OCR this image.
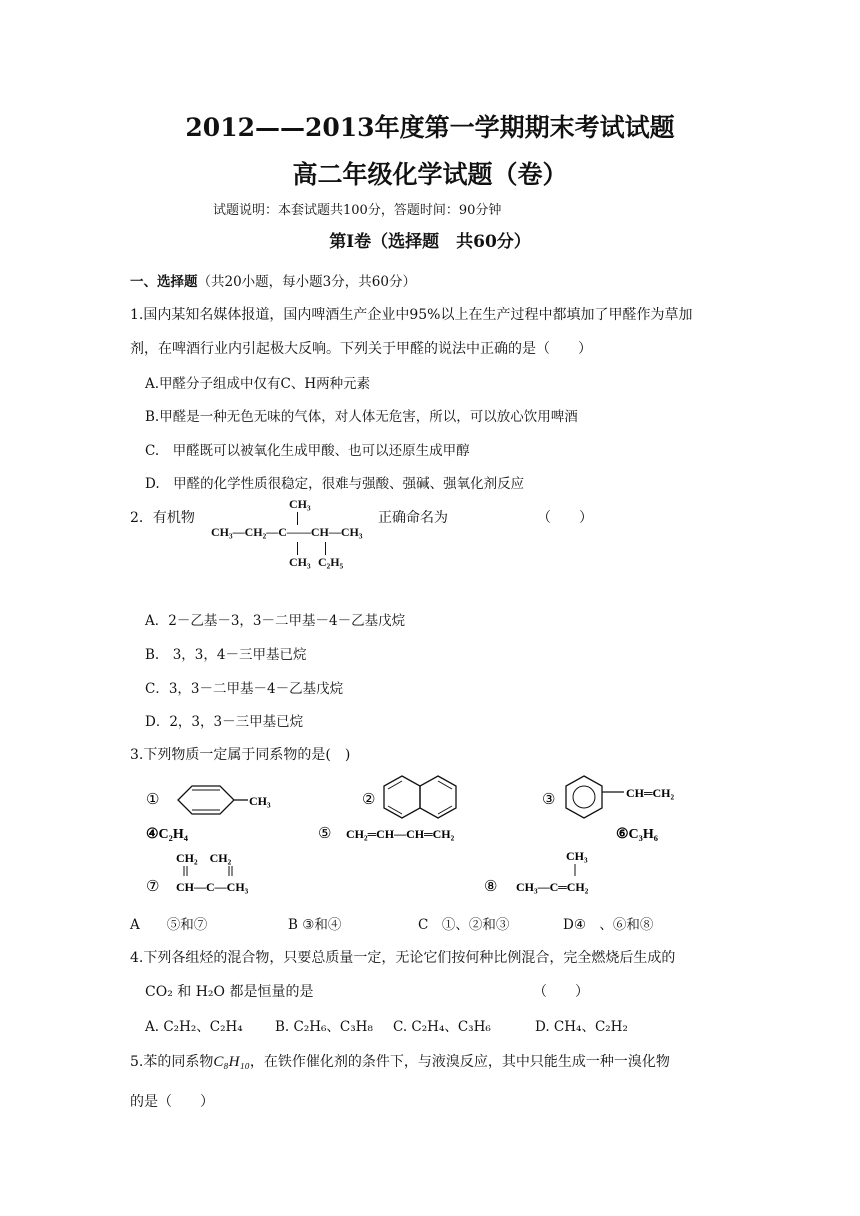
2012——2013年度第一学期期末考试试题
高二年级化学试题（卷）
试题说明：本套试题共100分，答题时间：90分钟
第Ⅰ卷（选择题　共60分）
一、选择题（共20小题，每小题3分，共60分）
1.国内某知名媒体报道，国内啤酒生产企业中95%以上在生产过程中都填加了甲醛作为䓍加
剂，在啤酒行业内引起极大反响。下列关于甲醛的说法中正确的是（　　）
A.甲醛分子组成中仅有C、H两种元素
B.甲醛是一种无色无味的气体，对人体无危害，所以，可以放心饮用啤酒
C.　甲醛既可以被氧化生成甲酸、也可以还原生成甲醇
D.　甲醛的化学性质很稳定，很难与强酸、强碱、强氧化剂反应
2．有机物	正确命名为	（　　）
CH₃
CH₃—CH₂—C——CH—CH₃
CH₃ C₂H₅
A．2－乙基－3，3－二甲基－4－乙基戊烷
B.　3，3，4－三甲基已烷
C．3，3－二甲基－4－乙基戊烷
D．2，3，3－三甲基已烷
3.下列物质一定属于同系物的是(　)
①	CH₃	②	③	CH═CH₂
④C₂H₄	⑤ CH₂═CH—CH═CH₂	⑥C₃H₆
CH₂　CH₂
⑦ CH—C—CH₃
CH₃
⑧ CH₃—C═CH₂
A　　⑤和⑦	B ③和④	C　①、②和③	D④　、⑥和⑧
4.下列各组烃的混合物，只要总质量一定，无论它们按何种比例混合，完全燃烧后生成的
CO₂ 和 H₂O 都是恒量的是	（　　）
A. C₂H₂、C₂H₄ B. C₂H₆、C₃H₈ C. C₂H₄、C₃H₆	D. CH₄、C₂H₂
5.苯的同系物C₈H₁₀，在铁作催化剂的条件下，与液溴反应，其中只能生成一种一溴化物
的是（　　）
